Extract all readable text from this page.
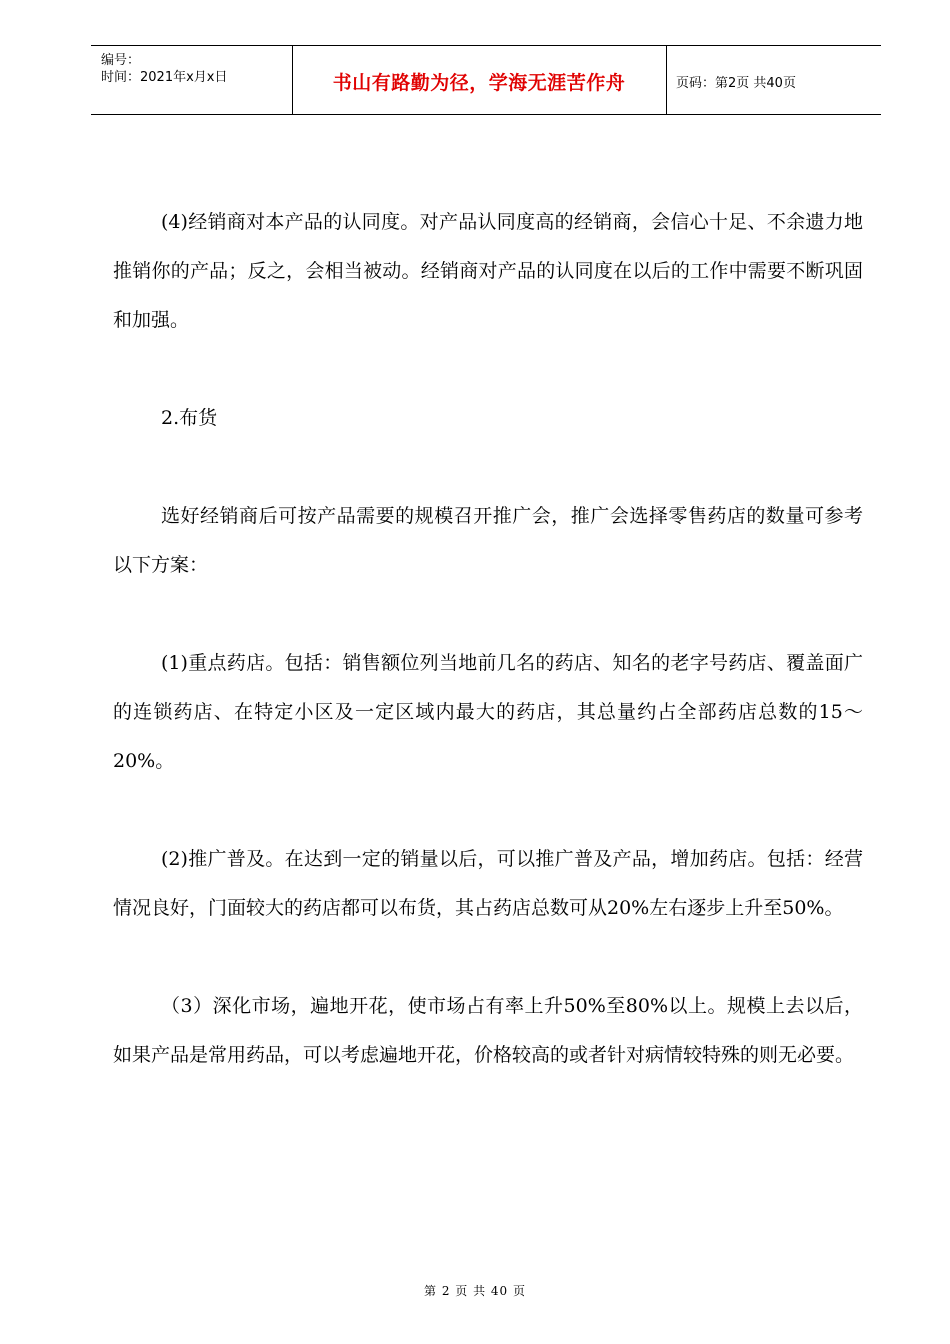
编号：
时间：2021年x月x日	书山有路勤为径，学海无涯苦作舟	页码：第2页 共40页

(4)经销商对本产品的认同度。对产品认同度高的经销商，会信心十足、不余遗力地推销你的产品；反之，会相当被动。经销商对产品的认同度在以后的工作中需要不断巩固和加强。

2.布货

选好经销商后可按产品需要的规模召开推广会，推广会选择零售药店的数量可参考以下方案：

(1)重点药店。包括：销售额位列当地前几名的药店、知名的老字号药店、覆盖面广的连锁药店、在特定小区及一定区域内最大的药店，其总量约占全部药店总数的15～20%。

(2)推广普及。在达到一定的销量以后，可以推广普及产品，增加药店。包括：经营情况良好，门面较大的药店都可以布货，其占药店总数可从20%左右逐步上升至50%。

（3）深化市场，遍地开花，使市场占有率上升50%至80%以上。规模上去以后，如果产品是常用药品，可以考虑遍地开花，价格较高的或者针对病情较特殊的则无必要。

第 2 页 共 40 页
